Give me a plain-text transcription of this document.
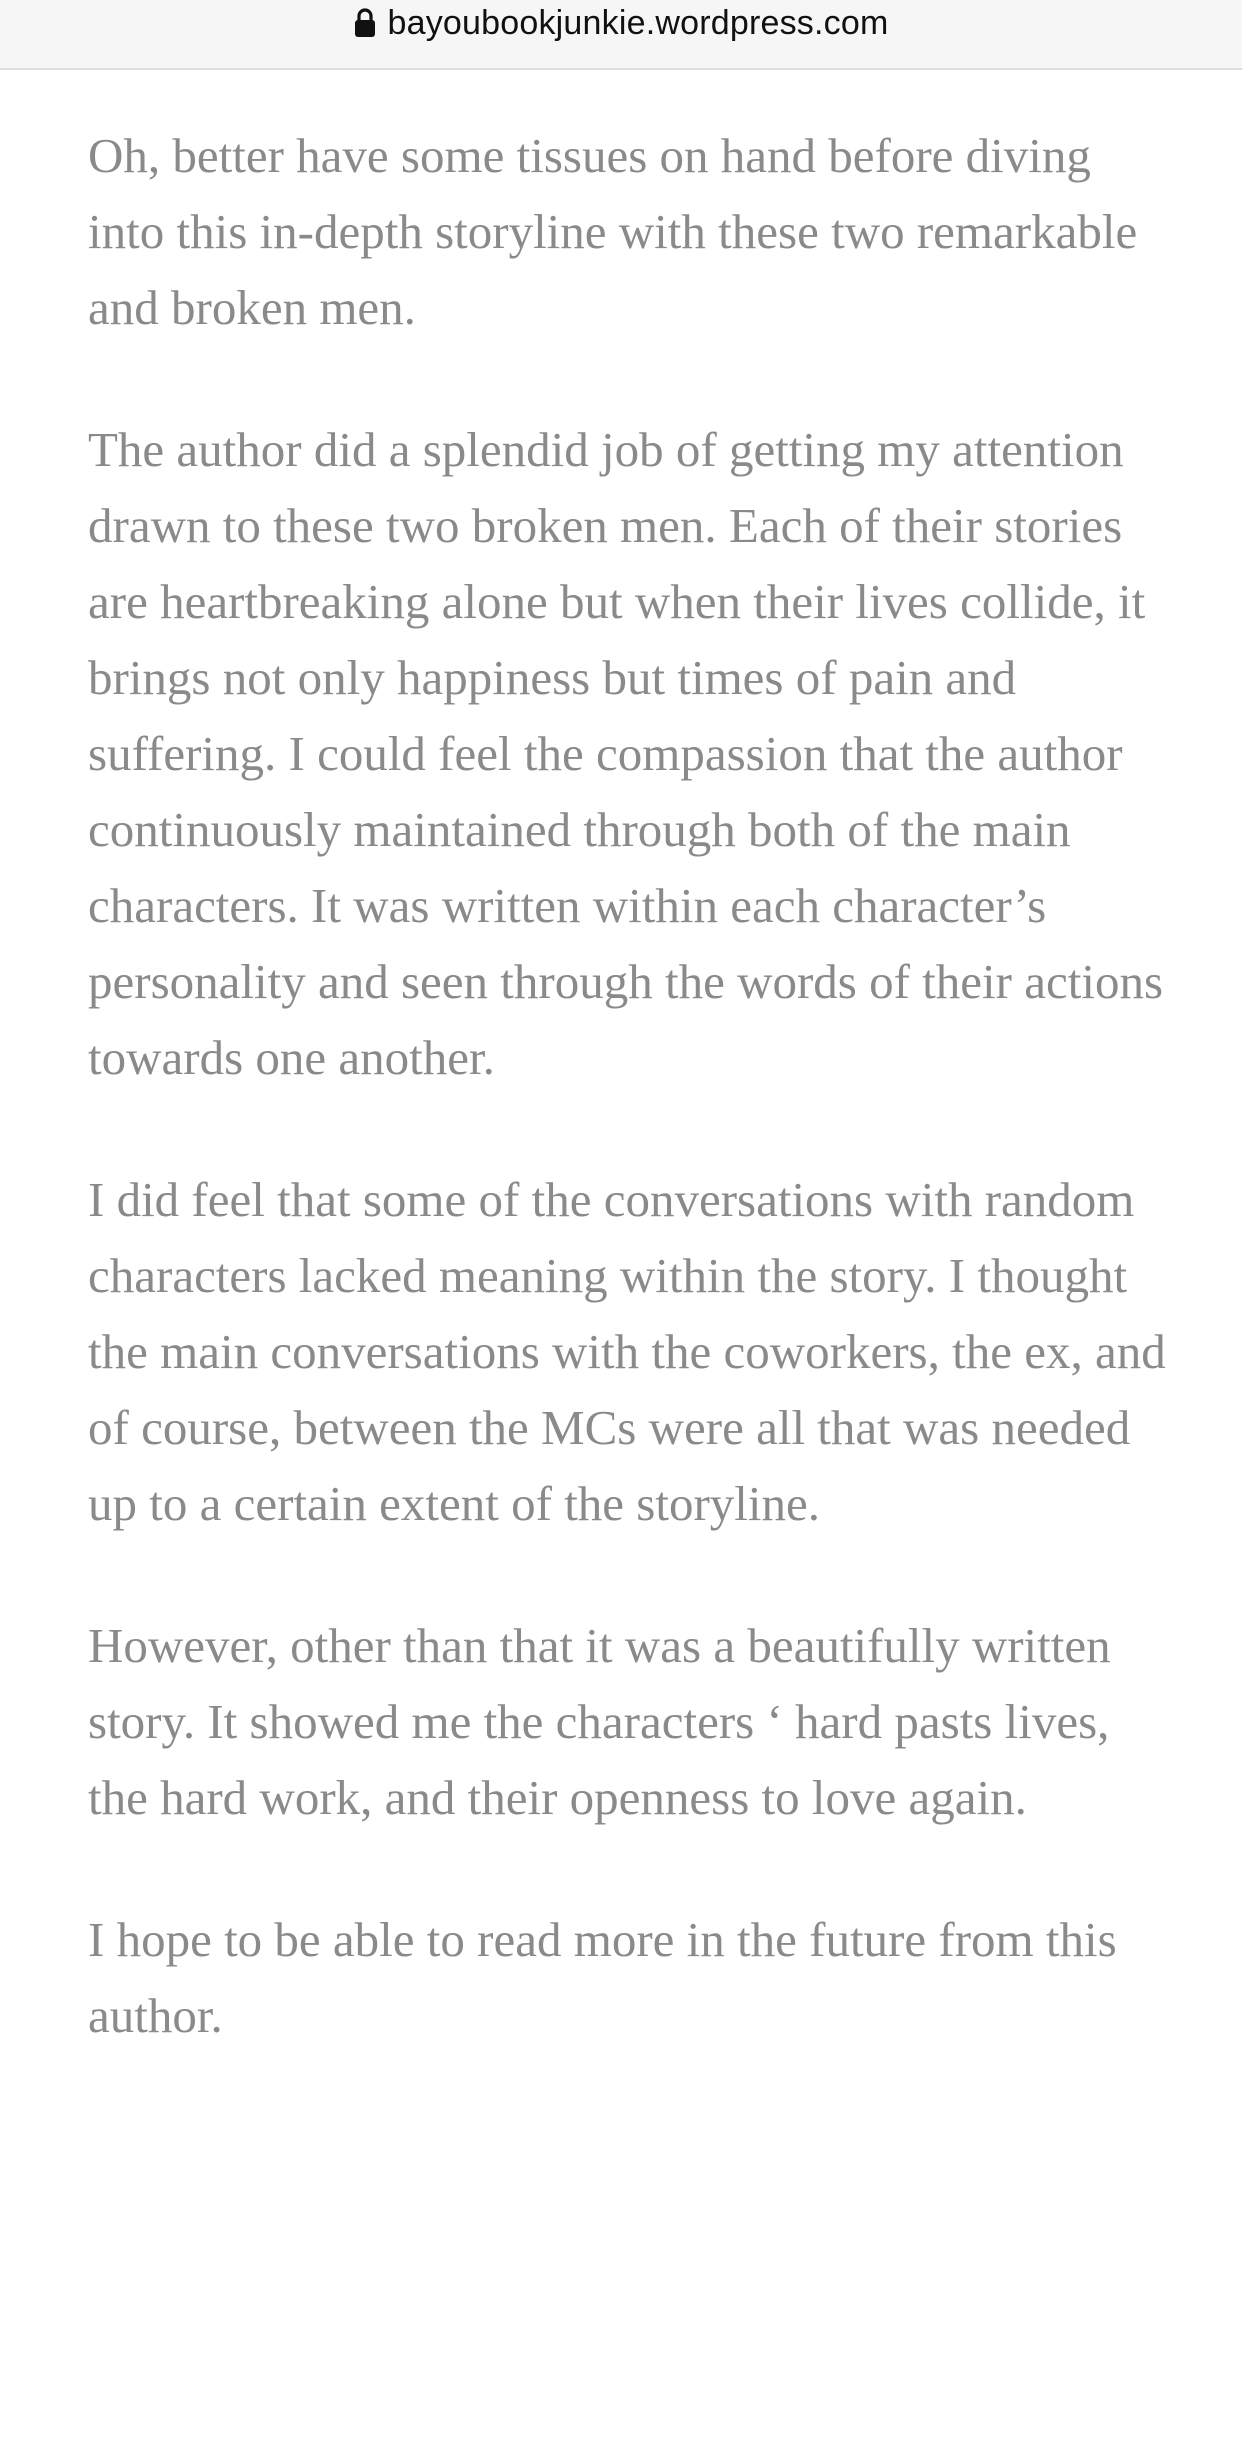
bayoubookjunkie.wordpress.com

Oh, better have some tissues on hand before diving into this in-depth storyline with these two remarkable and broken men.

The author did a splendid job of getting my attention drawn to these two broken men. Each of their stories are heartbreaking alone but when their lives collide, it brings not only happiness but times of pain and suffering. I could feel the compassion that the author continuously maintained through both of the main characters. It was written within each character’s personality and seen through the words of their actions towards one another.

I did feel that some of the conversations with random characters lacked meaning within the story. I thought the main conversations with the coworkers, the ex, and of course, between the MCs were all that was needed up to a certain extent of the storyline.

However, other than that it was a beautifully written story. It showed me the characters ‘ hard pasts lives, the hard work, and their openness to love again.

I hope to be able to read more in the future from this author.
